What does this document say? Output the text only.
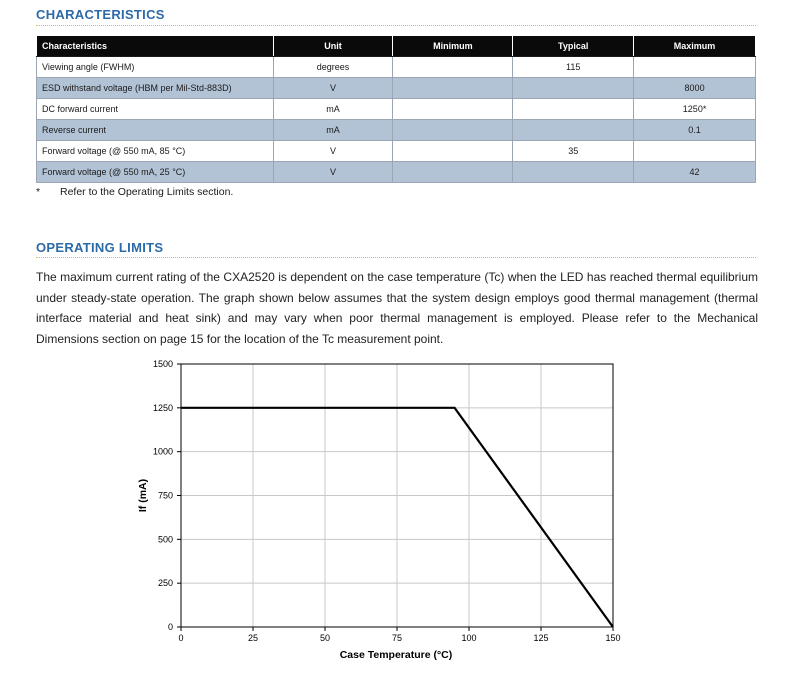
CHARACTERISTICS
Characteristics	Unit	Minimum	Typical	Maximum
Viewing angle (FWHM)	degrees		115	
ESD withstand voltage (HBM per Mil-Std-883D)	V			8000
DC forward current	mA			1250*
Reverse current	mA			0.1
Forward voltage (@ 550 mA, 85 °C)	V		35	
Forward voltage (@ 550 mA, 25 °C)	V			42
* Refer to the Operating Limits section.
OPERATING LIMITS

The maximum current rating of the CXA2520 is dependent on the case temperature (Tc) when the LED has reached thermal equilibrium under steady-state operation. The graph shown below assumes that the system design employs good thermal management (thermal interface material and heat sink) and may vary when poor thermal management is employed. Please refer to the Mechanical Dimensions section on page 15 for the location of the Tc measurement point.

0	25	50	75	100	125	150
0
250
500
750
1000
1250
1500
Case Temperature (°C)
If (mA)
